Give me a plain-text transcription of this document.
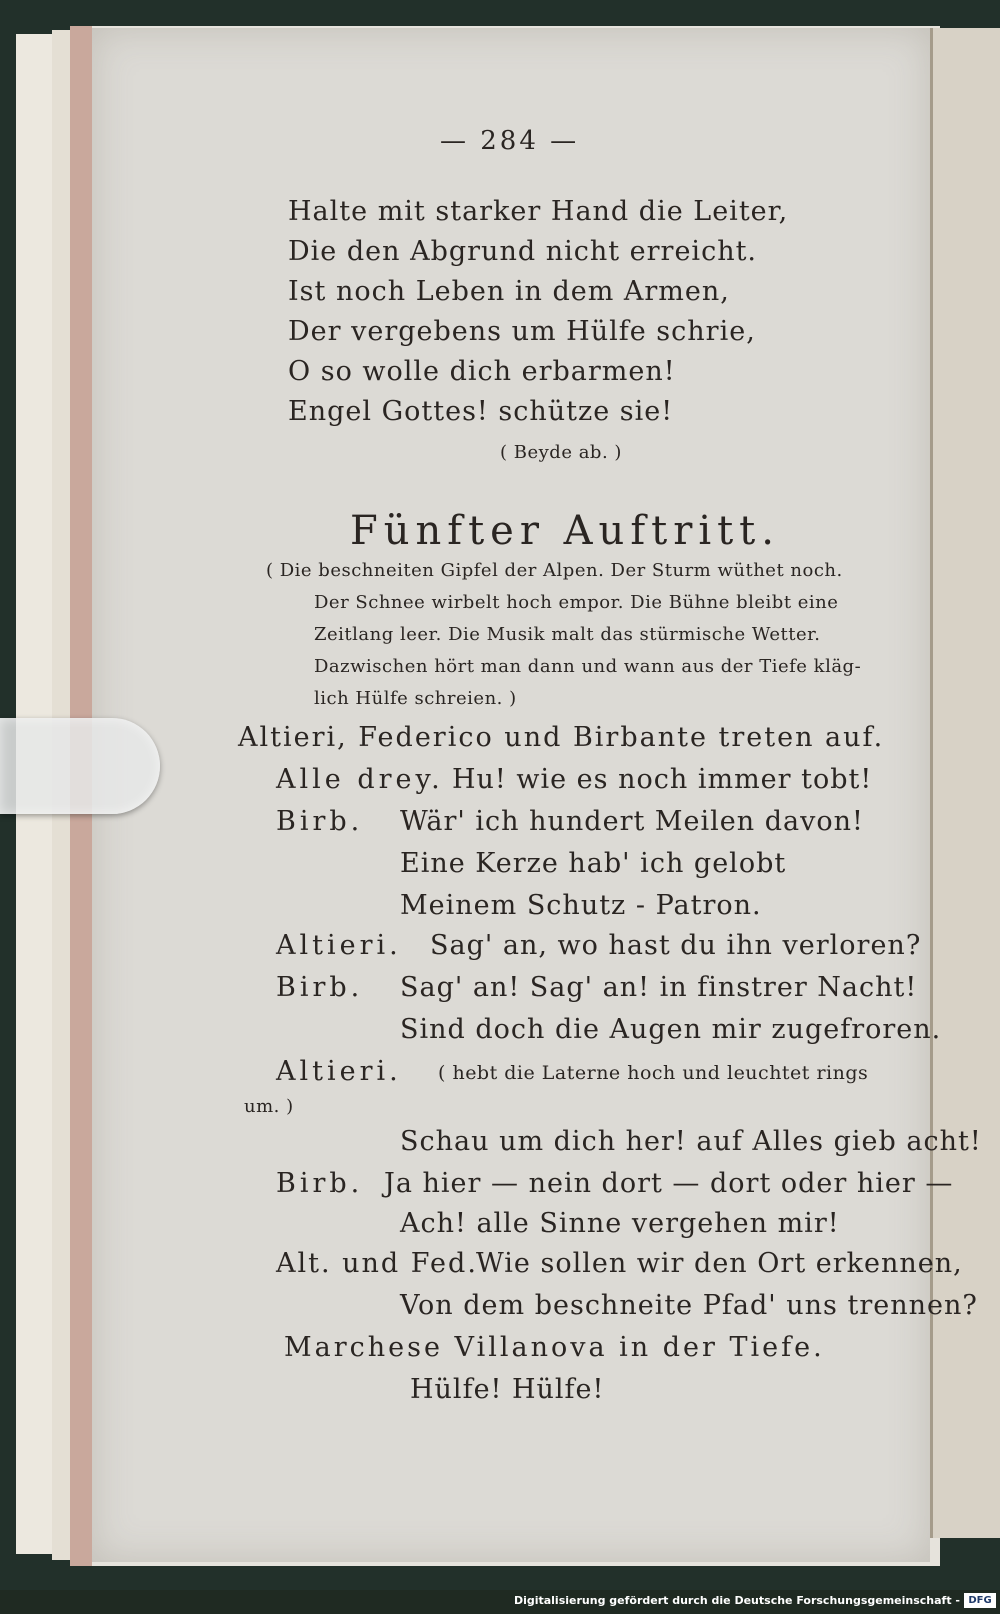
— 284 —
Halte mit starker Hand die Leiter,
Die den Abgrund nicht erreicht.
Ist noch Leben in dem Armen,
Der vergebens um Hülfe schrie,
O so wolle dich erbarmen!
Engel Gottes! schütze sie!
( Beyde ab. )
Fünfter Auftritt.
( Die beschneiten Gipfel der Alpen. Der Sturm wüthet noch.
Der Schnee wirbelt hoch empor. Die Bühne bleibt eine
Zeitlang leer. Die Musik malt das stürmische Wetter.
Dazwischen hört man dann und wann aus der Tiefe kläg-
lich Hülfe schreien. )
Altieri, Federico und Birbante treten auf.
Alle drey. Hu! wie es noch immer tobt!
Birb. Wär' ich hundert Meilen davon!
Eine Kerze hab' ich gelobt
Meinem Schutz - Patron.
Altieri. Sag' an, wo hast du ihn verloren?
Birb. Sag' an! Sag' an! in finstrer Nacht!
Sind doch die Augen mir zugefroren.
Altieri. ( hebt die Laterne hoch und leuchtet rings
um. )
Schau um dich her! auf Alles gieb acht!
Birb. Ja hier — nein dort — dort oder hier —
Ach! alle Sinne vergehen mir!
Alt. und Fed.
Wie sollen wir den Ort erkennen,
Von dem beschneite Pfad' uns trennen?
Marchese Villanova in der Tiefe.
Hülfe! Hülfe!
Digitalisierung gefördert durch die Deutsche Forschungsgemeinschaft - DFG
